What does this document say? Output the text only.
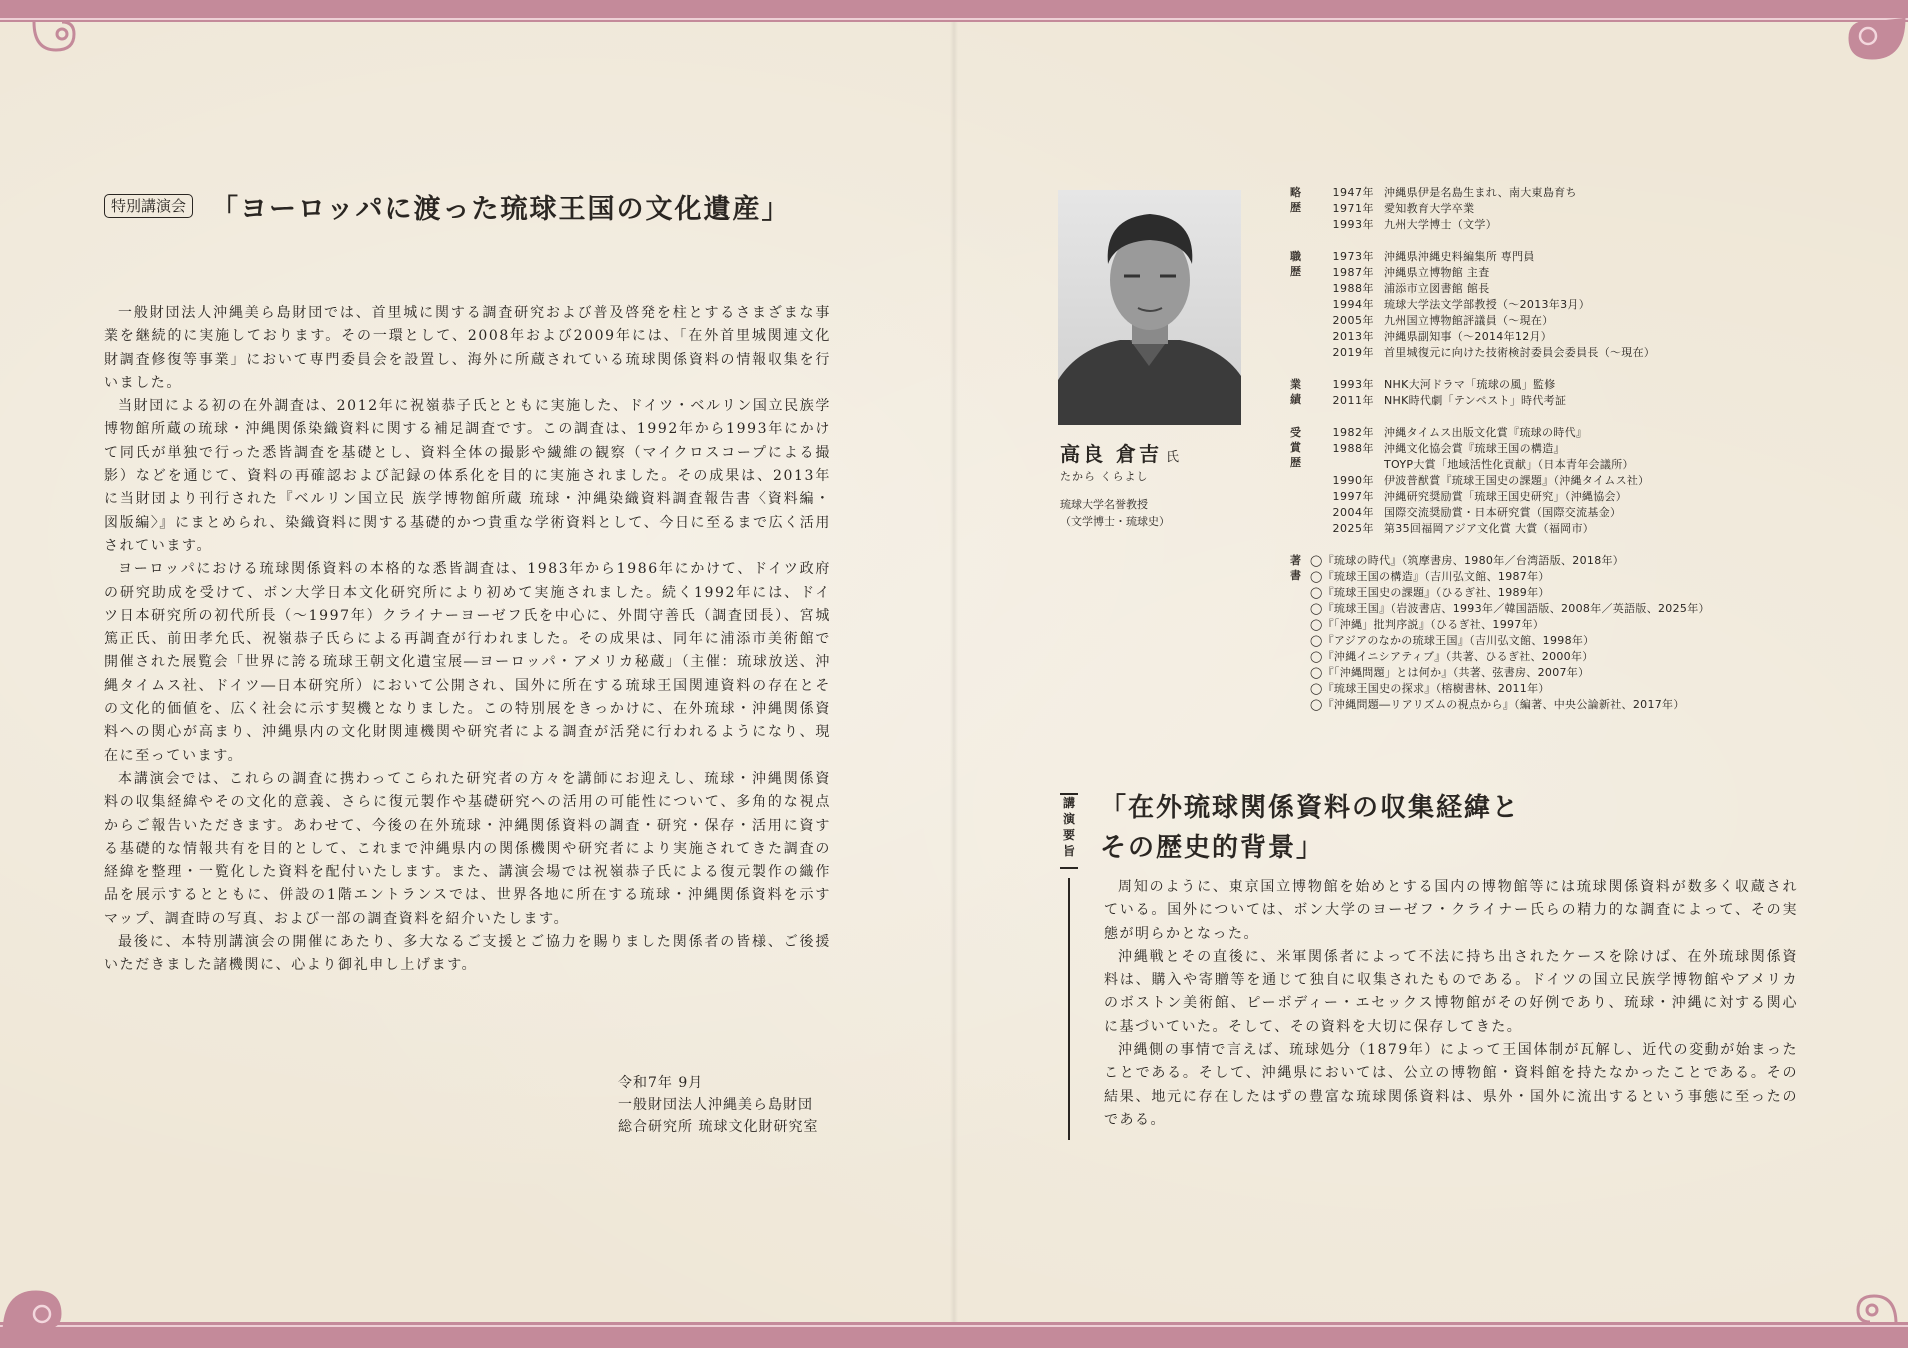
特別講演会 「ヨーロッパに渡った琉球王国の文化遺産」

一般財団法人沖縄美ら島財団では、首里城に関する調査研究および普及啓発を柱とするさまざまな事業を継続的に実施しております。その一環として、2008年および2009年には、「在外首里城関連文化財調査修復等事業」において専門委員会を設置し、海外に所蔵されている琉球関係資料の情報収集を行いました。

当財団による初の在外調査は、2012年に祝嶺恭子氏とともに実施した、ドイツ・ベルリン国立民族学博物館所蔵の琉球・沖縄関係染織資料に関する補足調査です。この調査は、1992年から1993年にかけて同氏が単独で行った悉皆調査を基礎とし、資料全体の撮影や繊維の観察（マイクロスコープによる撮影）などを通じて、資料の再確認および記録の体系化を目的に実施されました。その成果は、2013年に当財団より刊行された『ベルリン国立民 族学博物館所蔵 琉球・沖縄染織資料調査報告書〈資料編・図版編〉』にまとめられ、染織資料に関する基礎的かつ貴重な学術資料として、今日に至るまで広く活用されています。

ヨーロッパにおける琉球関係資料の本格的な悉皆調査は、1983年から1986年にかけて、ドイツ政府の研究助成を受けて、ボン大学日本文化研究所により初めて実施されました。続く1992年には、ドイツ日本研究所の初代所長（～1997年）クライナーヨーゼフ氏を中心に、外間守善氏（調査団長）、宮城篤正氏、前田孝允氏、祝嶺恭子氏らによる再調査が行われました。その成果は、同年に浦添市美術館で開催された展覧会「世界に誇る琉球王朝文化遺宝展―ヨーロッパ・アメリカ秘蔵」（主催：琉球放送、沖縄タイムス社、ドイツ―日本研究所）において公開され、国外に所在する琉球王国関連資料の存在とその文化的価値を、広く社会に示す契機となりました。この特別展をきっかけに、在外琉球・沖縄関係資料への関心が高まり、沖縄県内の文化財関連機関や研究者による調査が活発に行われるようになり、現在に至っています。

本講演会では、これらの調査に携わってこられた研究者の方々を講師にお迎えし、琉球・沖縄関係資料の収集経緯やその文化的意義、さらに復元製作や基礎研究への活用の可能性について、多角的な視点からご報告いただきます。あわせて、今後の在外琉球・沖縄関係資料の調査・研究・保存・活用に資する基礎的な情報共有を目的として、これまで沖縄県内の関係機関や研究者により実施されてきた調査の経緯を整理・一覧化した資料を配付いたします。また、講演会場では祝嶺恭子氏による復元製作の織作品を展示するとともに、併設の1階エントランスでは、世界各地に所在する琉球・沖縄関係資料を示すマップ、調査時の写真、および一部の調査資料を紹介いたします。

最後に、本特別講演会の開催にあたり、多大なるご支援とご協力を賜りました関係者の皆様、ご後援いただきました諸機関に、心より御礼申し上げます。

令和7年 9月
一般財団法人沖縄美ら島財団
総合研究所 琉球文化財研究室
高良 倉吉 氏
たから くらよし
琉球大学名誉教授
（文学博士・琉球史）
略
歴
1947年 沖縄県伊是名島生まれ、南大東島育ち
1971年 愛知教育大学卒業
1993年 九州大学博士（文学）
職
歴
1973年 沖縄県沖縄史料編集所 専門員
1987年 沖縄県立博物館 主査
1988年 浦添市立図書館 館長
1994年 琉球大学法文学部教授（～2013年3月）
2005年 九州国立博物館評議員（～現在）
2013年 沖縄県副知事（～2014年12月）
2019年 首里城復元に向けた技術検討委員会委員長（～現在）
業
績
1993年 NHK大河ドラマ「琉球の風」監修
2011年 NHK時代劇「テンペスト」時代考証
受
賞
歴
1982年 沖縄タイムス出版文化賞『琉球の時代』
1988年 沖縄文化協会賞『琉球王国の構造』
TOYP大賞「地域活性化貢献」（日本青年会議所）
1990年 伊波普猷賞『琉球王国史の課題』（沖縄タイムス社）
1997年 沖縄研究奨励賞「琉球王国史研究」（沖縄協会）
2004年 国際交流奨励賞・日本研究賞（国際交流基金）
2025年 第35回福岡アジア文化賞 大賞（福岡市）
著
書
◯『琉球の時代』（筑摩書房、1980年／台湾語版、2018年）
◯『琉球王国の構造』（吉川弘文館、1987年）
◯『琉球王国史の課題』（ひるぎ社、1989年）
◯『琉球王国』（岩波書店、1993年／韓国語版、2008年／英語版、2025年）
◯『「沖縄」批判序説』（ひるぎ社、1997年）
◯『アジアのなかの琉球王国』（吉川弘文館、1998年）
◯『沖縄イニシアティブ』（共著、ひるぎ社、2000年）
◯『「沖縄問題」とは何か』（共著、弦書房、2007年）
◯『琉球王国史の探求』（榕樹書林、2011年）
◯『沖縄問題―リアリズムの視点から』（編著、中央公論新社、2017年）
講
演
要
旨
「在外琉球関係資料の収集経緯と
その歴史的背景」

周知のように、東京国立博物館を始めとする国内の博物館等には琉球関係資料が数多く収蔵されている。国外については、ボン大学のヨーゼフ・クライナー氏らの精力的な調査によって、その実態が明らかとなった。

沖縄戦とその直後に、米軍関係者によって不法に持ち出されたケースを除けば、在外琉球関係資料は、購入や寄贈等を通じて独自に収集されたものである。ドイツの国立民族学博物館やアメリカのボストン美術館、ピーボディー・エセックス博物館がその好例であり、琉球・沖縄に対する関心に基づいていた。そして、その資料を大切に保存してきた。

沖縄側の事情で言えば、琉球処分（1879年）によって王国体制が瓦解し、近代の変動が始まったことである。そして、沖縄県においては、公立の博物館・資料館を持たなかったことである。その結果、地元に存在したはずの豊富な琉球関係資料は、県外・国外に流出するという事態に至ったのである。
